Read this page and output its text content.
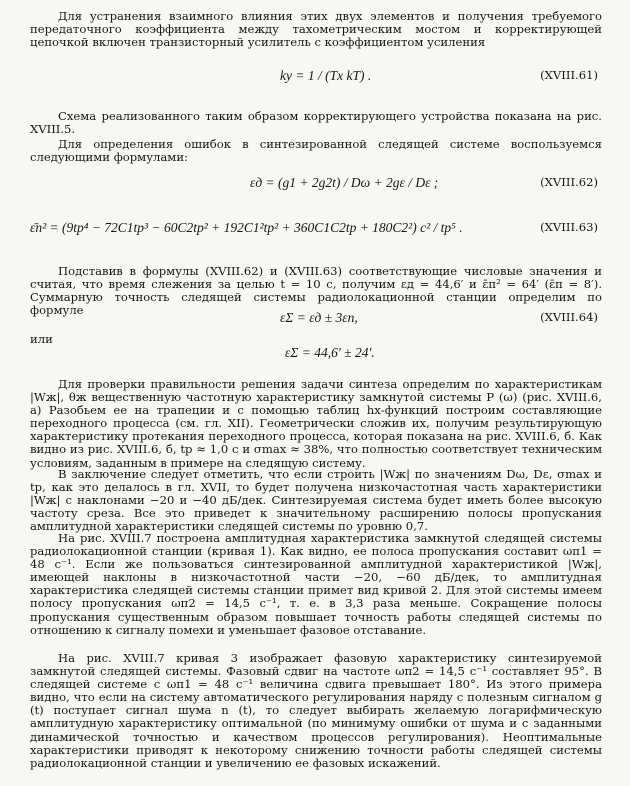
Для устранения взаимного влияния этих двух элементов и получения требуемого передаточного коэффициента между тахометрическим мостом и корректирующей цепочкой включен транзисторный усилитель с коэффициентом усиления

kу = 1 / (Tx kТ) .	(XVIII.61)

Схема реализованного таким образом корректирующего устройства показана на рис. XVIII.5.

Для определения ошибок в синтезированной следящей системе воспользуемся следующими формулами:

εд = (g1 + 2g2t) / Dω + 2gε / Dε ;	(XVIII.62)
ε̄п² = (9tр⁴ − 72C1tр³ − 60C2tр² + 192C1²tр² + 360C1C2tр + 180C2²) c² / tр⁵ .	(XVIII.63)

Подставив в формулы (XVIII.62) и (XVIII.63) соответствующие числовые значения и считая, что время слежения за целью t = 10 с, получим εд = 44,6′ и ε̄п² = 64′ (ε̄п = 8′). Суммарную точность следящей системы радиолокационной станции определим по формуле	εΣ = εд ± 3εп,	(XVIII.64)
или
εΣ = 44,6′ ± 24′.

Для проверки правильности решения задачи синтеза определим по характеристикам |Wж|, θж вещественную частотную характеристику замкнутой системы P (ω) (рис. XVIII.6, а) Разобьем ее на трапеции и с помощью таблиц hх-функций построим составляющие переходного процесса (см. гл. XII). Геометрически сложив их, получим результирующую характеристику протекания переходного процесса, которая показана на рис. XVIII.6, б. Как видно из рис. XVIII.6, б, tр ≈ 1,0 с и σmax ≈ 38%, что полностью соответствует техническим условиям, заданным в примере на следящую систему.

В заключение следует отметить, что если строить |Wж| по значениям Dω, Dε, σmax и tр, как это делалось в гл. XVII, то будет получена низкочастотная часть характеристики |Wж| с наклонами −20 и −40 дБ/дек. Синтезируемая система будет иметь более высокую частоту среза. Все это приведет к значительному расширению полосы пропускания амплитудной характеристики следящей системы по уровню 0,7.

На рис. XVIII.7 построена амплитудная характеристика замкнутой следящей системы радиолокационной станции (кривая 1). Как видно, ее полоса пропускания составит ωп1 = 48 с⁻¹. Если же пользоваться синтезированной амплитудной характеристикой |Wж|, имеющей наклоны в низкочастотной части −20, −60 дБ/дек, то амплитудная характеристика следящей системы станции примет вид кривой 2. Для этой системы имеем полосу пропускания ωп2 = 14,5 с⁻¹, т. е. в 3,3 раза меньше. Сокращение полосы пропускания существенным образом повышает точность работы следящей системы по отношению к сигналу помехи и уменьшает фазовое отставание.

На рис. XVIII.7 кривая 3 изображает фазовую характеристику синтезируемой замкнутой следящей системы. Фазовый сдвиг на частоте ωп2 = 14,5 с⁻¹ составляет 95°. В следящей системе с ωп1 = 48 с⁻¹ величина сдвига превышает 180°. Из этого примера видно, что если на систему автоматического регулирования наряду с полезным сигналом g (t) поступает сигнал шума n (t), то следует выбирать желаемую логарифмическую амплитудную характеристику оптимальной (по минимуму ошибки от шума и с заданными динамической точностью и качеством процессов регулирования). Неоптимальные характеристики приводят к некоторому снижению точности работы следящей системы радиолокационной станции и увеличению ее фазовых искажений.
